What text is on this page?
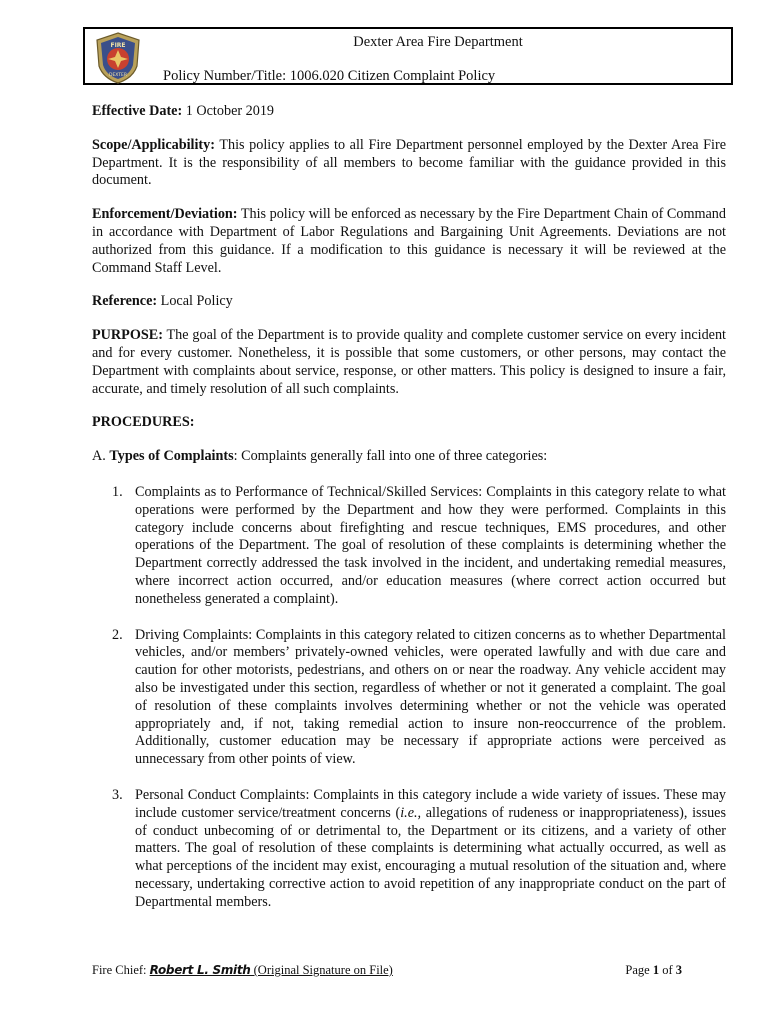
FIRE
DEXTER
Dexter Area Fire Department
Policy Number/Title: 1006.020 Citizen Complaint Policy

Effective Date: 1 October 2019

Scope/Applicability: This policy applies to all Fire Department personnel employed by the Dexter Area Fire Department. It is the responsibility of all members to become familiar with the guidance provided in this document.

Enforcement/Deviation: This policy will be enforced as necessary by the Fire Department Chain of Command in accordance with Department of Labor Regulations and Bargaining Unit Agreements. Deviations are not authorized from this guidance. If a modification to this guidance is necessary it will be reviewed at the Command Staff Level.

Reference: Local Policy

PURPOSE: The goal of the Department is to provide quality and complete customer service on every incident and for every customer. Nonetheless, it is possible that some customers, or other persons, may contact the Department with complaints about service, response, or other matters. This policy is designed to insure a fair, accurate, and timely resolution of all such complaints.

PROCEDURES:

A. Types of Complaints: Complaints generally fall into one of three categories:

1. Complaints as to Performance of Technical/Skilled Services: Complaints in this category relate to what operations were performed by the Department and how they were performed. Complaints in this category include concerns about firefighting and rescue techniques, EMS procedures, and other operations of the Department. The goal of resolution of these complaints is determining whether the Department correctly addressed the task involved in the incident, and undertaking remedial measures, where incorrect action occurred, and/or education measures (where correct action occurred but nonetheless generated a complaint).
2. Driving Complaints: Complaints in this category related to citizen concerns as to whether Departmental vehicles, and/or members’ privately-owned vehicles, were operated lawfully and with due care and caution for other motorists, pedestrians, and others on or near the roadway. Any vehicle accident may also be investigated under this section, regardless of whether or not it generated a complaint. The goal of resolution of these complaints involves determining whether or not the vehicle was operated appropriately and, if not, taking remedial action to insure non-reoccurrence of the problem. Additionally, customer education may be necessary if appropriate actions were perceived as unnecessary from other points of view.
3. Personal Conduct Complaints: Complaints in this category include a wide variety of issues. These may include customer service/treatment concerns (i.e., allegations of rudeness or inappropriateness), issues of conduct unbecoming of or detrimental to, the Department or its citizens, and a variety of other matters. The goal of resolution of these complaints is determining what actually occurred, as well as what perceptions of the incident may exist, encouraging a mutual resolution of the situation and, where necessary, undertaking corrective action to avoid repetition of any inappropriate conduct on the part of Departmental members.
Fire Chief: Robert L. Smith (Original Signature on File)	Page 1 of 3
